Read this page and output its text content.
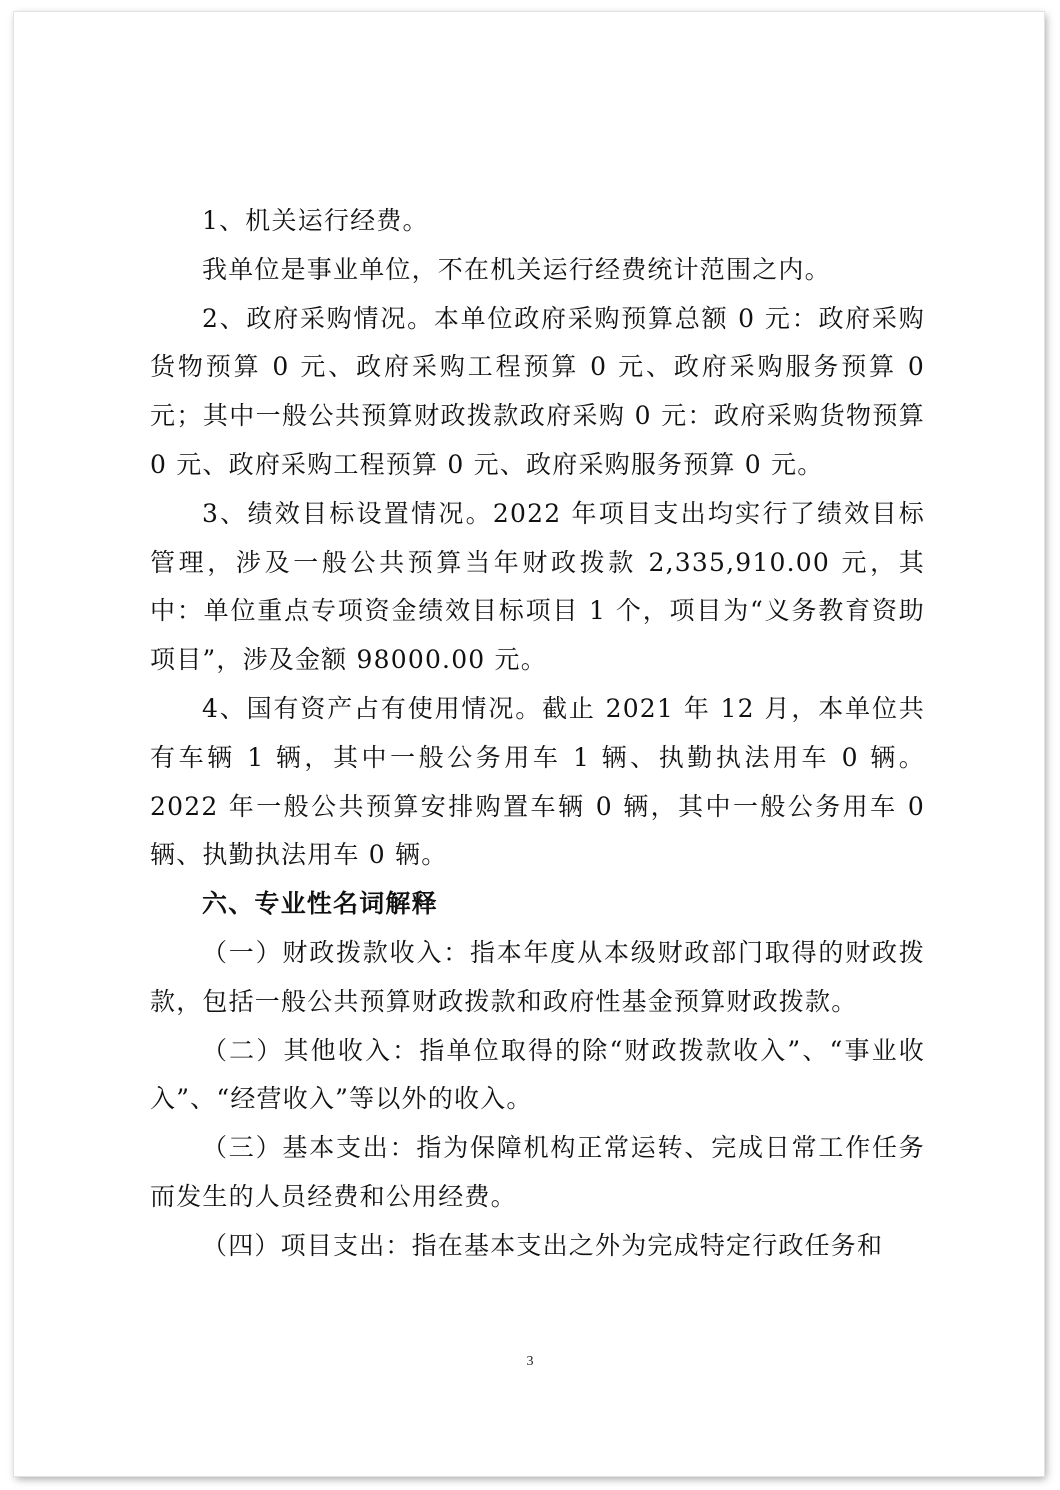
1、机关运行经费。

我单位是事业单位，不在机关运行经费统计范围之内。

2、政府采购情况。本单位政府采购预算总额 0 元：政府采购货物预算 0 元、政府采购工程预算 0 元、政府采购服务预算 0 元；其中一般公共预算财政拨款政府采购 0 元：政府采购货物预算 0 元、政府采购工程预算 0 元、政府采购服务预算 0 元。

3、绩效目标设置情况。2022 年项目支出均实行了绩效目标管理，涉及一般公共预算当年财政拨款 2,335,910.00 元，其中：单位重点专项资金绩效目标项目 1 个，项目为“义务教育资助项目”，涉及金额 98000.00 元。

4、国有资产占有使用情况。截止 2021 年 12 月，本单位共有车辆 1 辆，其中一般公务用车 1 辆、执勤执法用车 0 辆。2022 年一般公共预算安排购置车辆 0 辆，其中一般公务用车 0 辆、执勤执法用车 0 辆。

六、专业性名词解释

（一）财政拨款收入：指本年度从本级财政部门取得的财政拨款，包括一般公共预算财政拨款和政府性基金预算财政拨款。

（二）其他收入：指单位取得的除“财政拨款收入”、“事业收入”、“经营收入”等以外的收入。

（三）基本支出：指为保障机构正常运转、完成日常工作任务而发生的人员经费和公用经费。

（四）项目支出：指在基本支出之外为完成特定行政任务和

3
